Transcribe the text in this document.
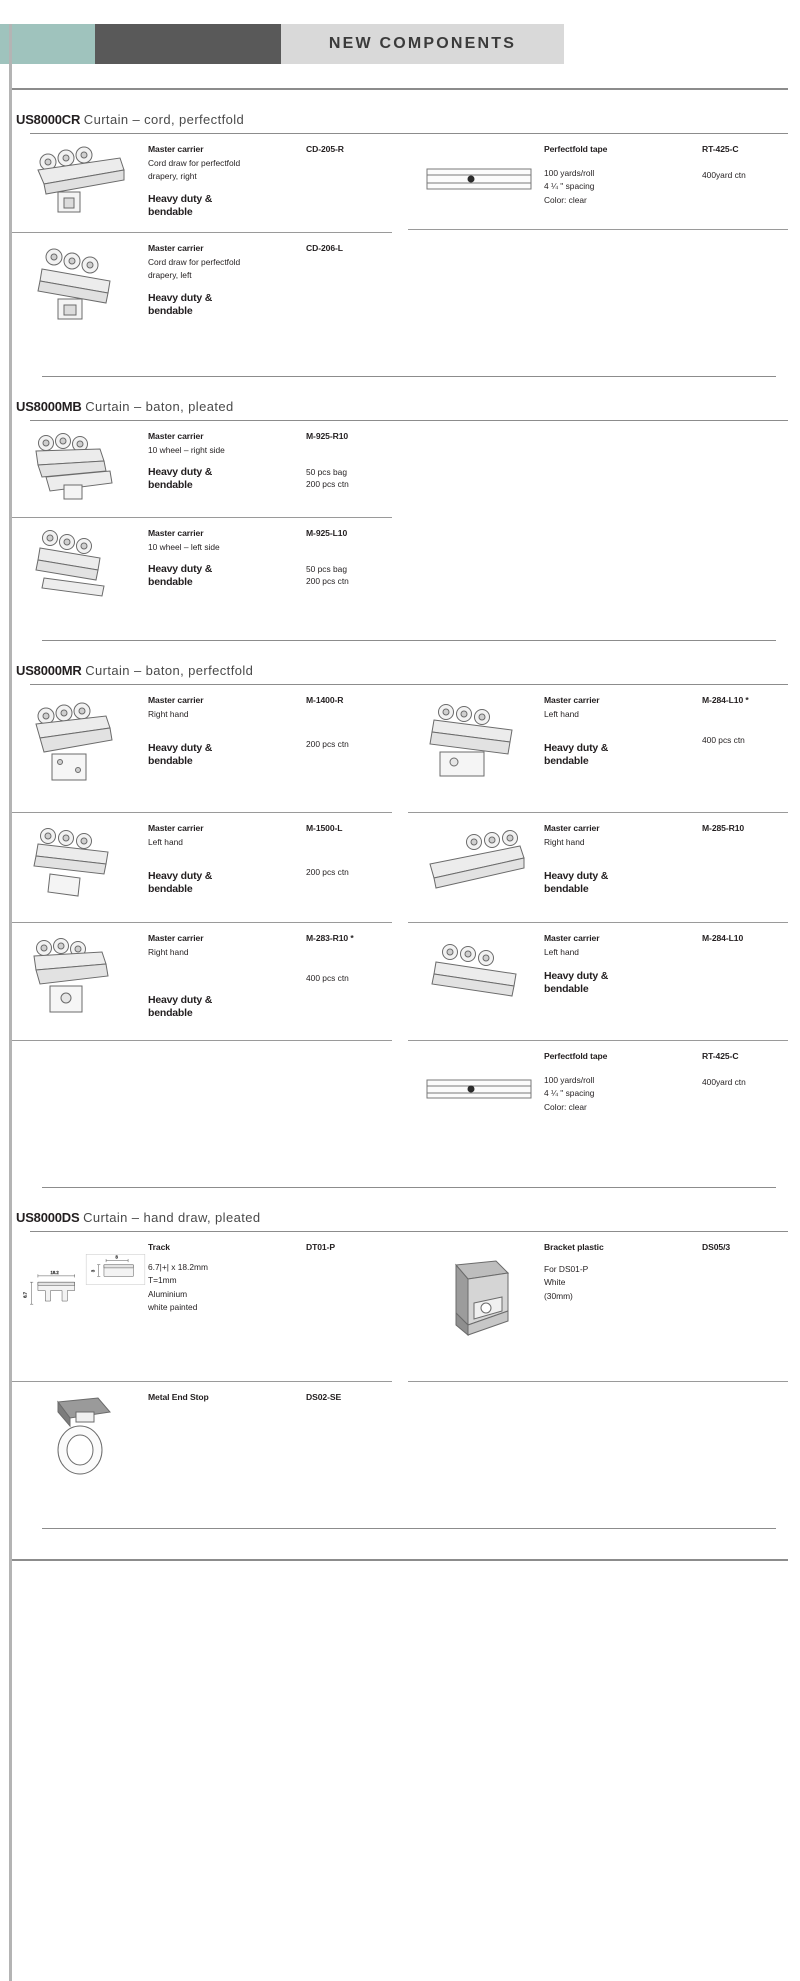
NEW COMPONENTS
US8000CR Curtain – cord, perfectfold
Master carrier
Cord draw for perfectfold
drapery, right
Heavy duty &
bendable
CD-205-R
Master carrier
Cord draw for perfectfold
drapery, left
Heavy duty &
bendable
CD-206-L
Perfectfold tape
100 yards/roll
4 ¼ " spacing
Color: clear
RT-425-C
400yard ctn
US8000MB Curtain – baton, pleated
Master carrier
10 wheel – right side
Heavy duty &
bendable
M-925-R10
50 pcs bag
200 pcs ctn
Master carrier
10 wheel – left side
Heavy duty &
bendable
M-925-L10
50 pcs bag
200 pcs ctn
US8000MR Curtain – baton, perfectfold
Master carrier
Right hand
Heavy duty &
bendable
M-1400-R
200 pcs ctn
Master carrier
Left hand
Heavy duty &
bendable
M-1500-L
200 pcs ctn
Master carrier
Right hand
Heavy duty &
bendable
M-283-R10 *
400 pcs ctn
Master carrier
Left hand
Heavy duty &
bendable
M-284-L10 *
400 pcs ctn
Master carrier
Right hand
Heavy duty &
bendable
M-285-R10
Master carrier
Left hand
Heavy duty &
bendable
M-284-L10
Perfectfold tape
100 yards/roll
4 ¼ " spacing
Color: clear
RT-425-C
400yard ctn
US8000DS Curtain – hand draw, pleated
18.2
6.7
8
3
Track
6.7|+| x 18.2mm
T=1mm
Aluminium
white painted
DT01-P
Metal End Stop	DS02-SE
Bracket plastic
For DS01-P
White
(30mm)
DS05/3
